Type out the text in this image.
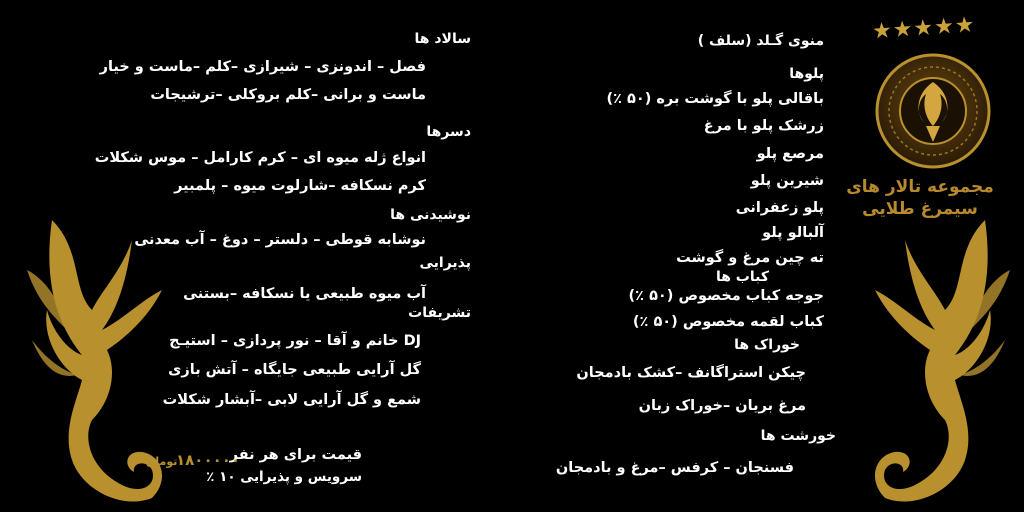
★★★★★
مجموعه تالار های
سیمرغ طلایی
منوی گـلد (سلف )
پلوها
باقالی پلو با گوشت بره (۵۰ ٪)
زرشک پلو با مرغ
مرصع پلو
شیرین پلو
پلو زعفرانی
آلبالو پلو
ته چین مرغ و گوشت
کباب ها
جوجه کباب مخصوص (۵۰ ٪)
کباب لقمه مخصوص (۵۰ ٪)
خوراک ها
چیکن استراگانف –کشک بادمجان
مرغ بریان –خوراک زبان
خورشت ها
فسنجان – کرفس –مرغ و بادمجان
سالاد ها
فصل – اندونزی – شیرازی –کلم –ماست و خیار
ماست و برانی –کلم بروکلی –ترشیجات
دسرها
انواع ژله میوه ای – کرم کارامل – موس شکلات
کرم نسکافه –شارلوت میوه – پلمبیر
نوشیدنی ها
نوشابه قوطی – دلستر – دوغ – آب معدنی
پذیرایی
آب میوه طبیعی یا نسکافه –بستنی
تشریفات
DJ خانم و آقا – نور پردازی – استیـج
گل آرایی طبیعی جایگاه – آتش بازی
شمع و گل آرایی لابی –آبشار شکلات
قیمت برای هر نفر
۱۸۰۰۰۰۰
تومان
سرویس و پذیرایی ۱۰ ٪
